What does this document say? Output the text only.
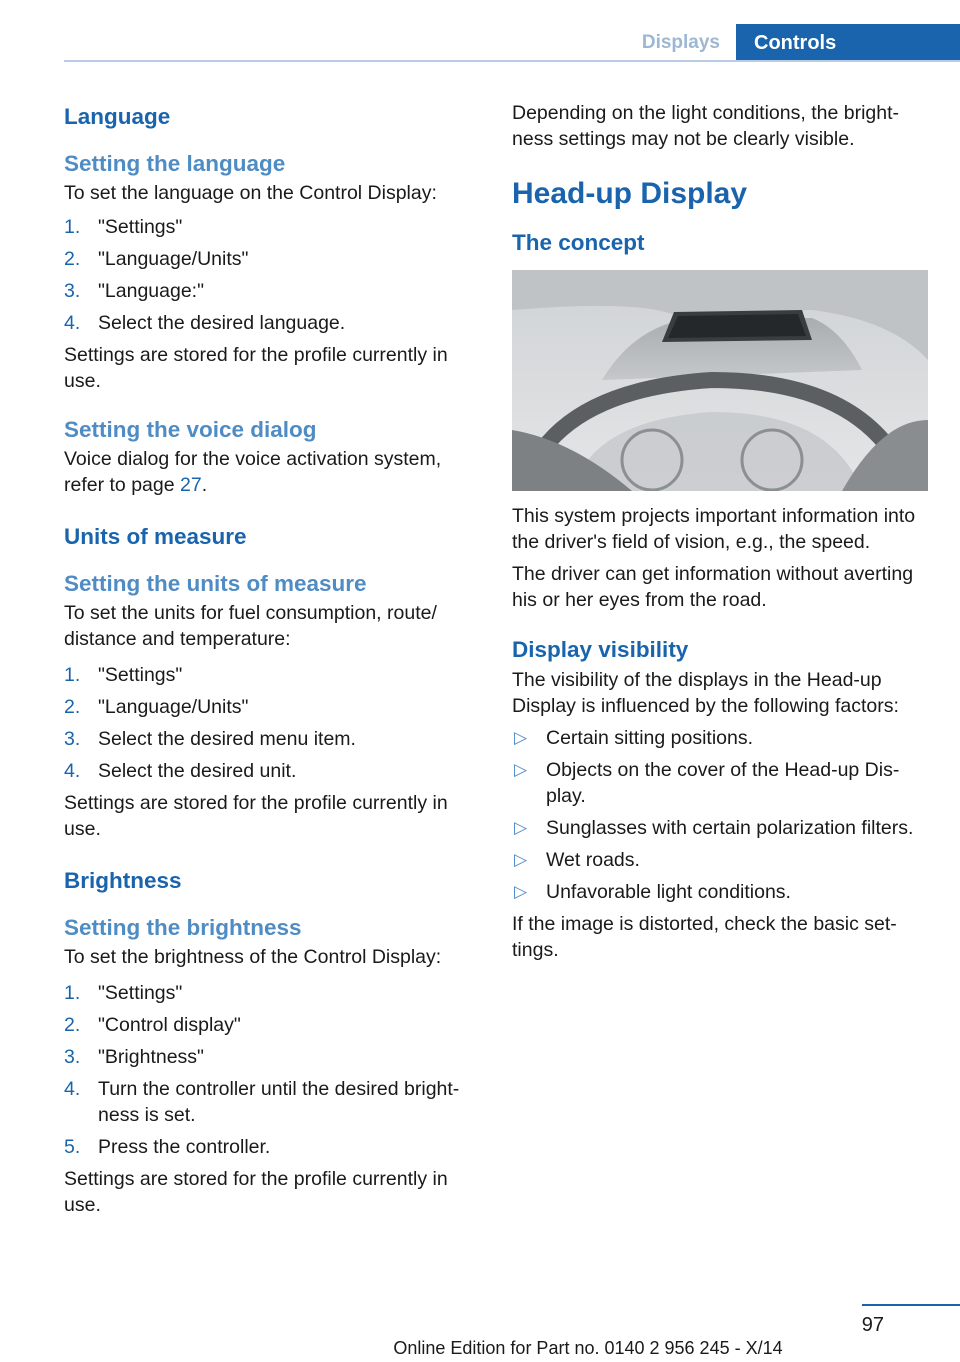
Displays	Controls
Language
Setting the language
To set the language on the Control Display:
1. "Settings"
2. "Language/Units"
3. "Language:"
4. Select the desired language.
Settings are stored for the profile currently in use.
Setting the voice dialog
Voice dialog for the voice activation system, refer to page 27.
Units of measure
Setting the units of measure
To set the units for fuel consumption, route/ distance and temperature:
1. "Settings"
2. "Language/Units"
3. Select the desired menu item.
4. Select the desired unit.
Settings are stored for the profile currently in use.
Brightness
Setting the brightness
To set the brightness of the Control Display:
1. "Settings"
2. "Control display"
3. "Brightness"
4. Turn the controller until the desired bright‐ ness is set.
5. Press the controller.
Settings are stored for the profile currently in use.
Depending on the light conditions, the bright‐ ness settings may not be clearly visible.
Head-up Display
The concept
This system projects important information into the driver's field of vision, e.g., the speed.
The driver can get information without averting his or her eyes from the road.
Display visibility
The visibility of the displays in the Head-up Display is influenced by the following factors:
▷ Certain sitting positions.
▷ Objects on the cover of the Head-up Dis‐ play.
▷ Sunglasses with certain polarization filters.
▷ Wet roads.
▷ Unfavorable light conditions.
If the image is distorted, check the basic set‐ tings.
97
Online Edition for Part no. 0140 2 956 245 - X/14
